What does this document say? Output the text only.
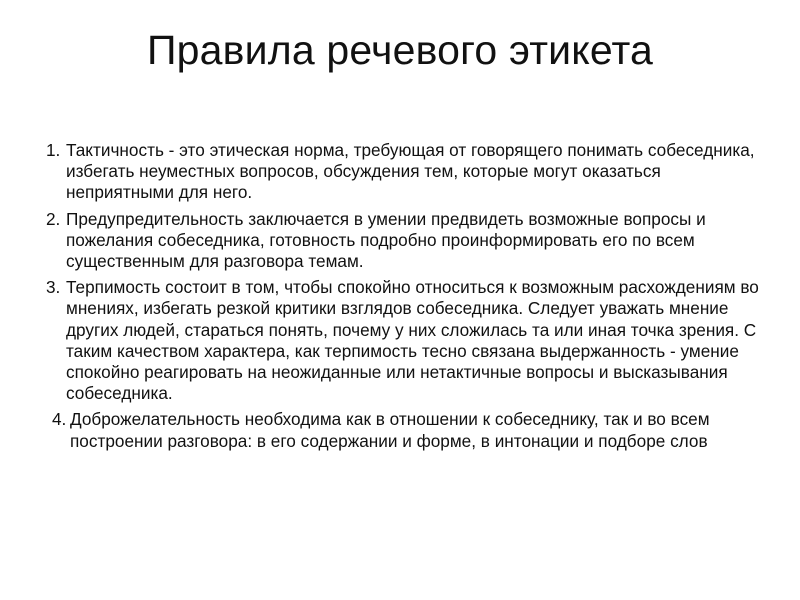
Правила речевого этикета
1. Тактичность - это этическая норма, требующая от говорящего понимать собеседника, избегать неуместных вопросов, обсуждения тем, которые могут оказаться неприятными для него.
2. Предупредительность заключается в умении предвидеть возможные вопросы и пожелания собеседника, готовность подробно проинформировать его по всем существенным для разговора темам.
3. Терпимость состоит в том, чтобы спокойно относиться к возможным расхождениям во мнениях, избегать резкой критики взглядов собеседника. Следует уважать мнение других людей, стараться понять, почему у них сложилась та или иная точка зрения. С таким качеством характера, как терпимость тесно связана выдержанность - умение спокойно реагировать на неожиданные или нетактичные вопросы и высказывания собеседника.
4. Доброжелательность необходима как в отношении к собеседнику, так и во всем построении разговора: в его содержании и форме, в интонации и подборе слов
